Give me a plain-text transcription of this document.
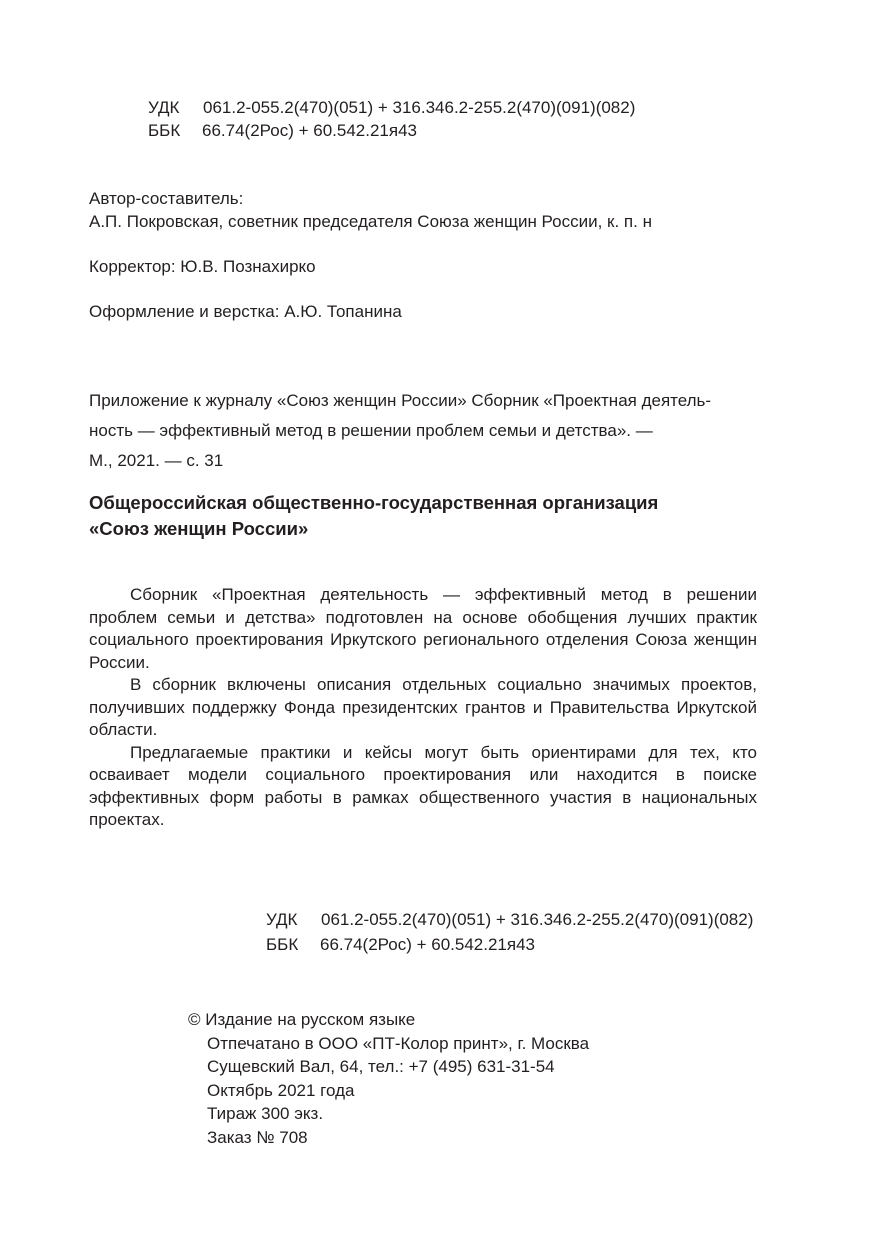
УДК 061.2-055.2(470)(051) + 316.346.2-255.2(470)(091)(082)
ББК 66.74(2Рос) + 60.542.21я43
Автор-составитель:
А.П. Покровская, советник председателя Союза женщин России, к. п. н
Корректор: Ю.В. Познахирко
Оформление и верстка: А.Ю. Топанина
Приложение к журналу «Союз женщин России» Сборник «Проектная деятель-
ность — эффективный метод в решении проблем семьи и детства». —
М., 2021. — с. 31
Общероссийская общественно-государственная организация
«Союз женщин России»

Сборник «Проектная деятельность — эффективный метод в решении проблем семьи и детства» подготовлен на основе обобщения лучших практик социального проектирования Иркутского регионального отделения Союза женщин России.

В сборник включены описания отдельных социально значимых проектов, получивших поддержку Фонда президентских грантов и Правительства Иркутской области.

Предлагаемые практики и кейсы могут быть ориентирами для тех, кто осваивает модели социального проектирования или находится в поиске эффективных форм работы в рамках общественного участия в национальных проектах.

УДК 061.2-055.2(470)(051) + 316.346.2-255.2(470)(091)(082)
ББК 66.74(2Рос) + 60.542.21я43
© Издание на русском языке
Отпечатано в ООО «ПТ-Колор принт», г. Москва
Сущевский Вал, 64, тел.: +7 (495) 631-31-54
Октябрь 2021 года
Тираж 300 экз.
Заказ № 708
